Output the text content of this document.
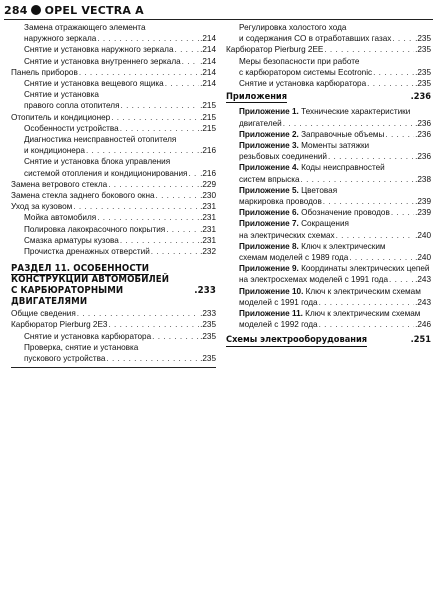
284 OPEL VECTRA A
Замена отражающего элемента
наружного зеркала . . .	.214
Снятие и установка наружного зеркала . . .	.214
Снятие и установка внутреннего зеркала . . . .214
Панель приборов . . .	.214
Снятие и установка вещевого ящика . . .	.214
Снятие и установка
правого сопла отопителя . . .	.215
Отопитель и кондиционер . . .	.215
Особенности устройства . . .	.215
Диагностика неисправностей отопителя
и кондиционера . . .	.216
Снятие и установка блока управления
системой отопления и кондиционирования . . . .216
Замена ветрового стекла . . .	.229
Замена стекла заднего бокового окна . . .	.230
Уход за кузовом . . .	.231
Мойка автомобиля . . .	.231
Полировка лакокрасочного покрытия . . .	.231
Смазка арматуры кузова . . .	.231
Прочистка дренажных отверстий . . .	.232
РАЗДЕЛ 11. ОСОБЕННОСТИ КОНСТРУКЦИИ АВТОМОБИЛЕЙ
С КАРБЮРАТОРНЫМИ ДВИГАТЕЛЯМИ
.233
Общие сведения . . .	.233
Карбюратор Pierburg 2E3 . . .	.235
Снятие и установка карбюратора . . .	.235
Проверка, снятие и установка
пускового устройства . . .	.235
Регулировка холостого хода
и содержания CO в отработавших газах . . .	.235
Карбюратор Pierburg 2EE . . .	.235
Меры безопасности при работе
с карбюратором системы Ecotronic . . .	.235
Снятие и установка карбюратора . . .	.235
Приложения	.236
Приложение 1. Технические характеристики
двигателей . . .	.236
Приложение 2. Заправочные объемы . . .	.236
Приложение 3. Моменты затяжки
резьбовых соединений . . .	.236
Приложение 4. Коды неисправностей
систем впрыска . . .	.238
Приложение 5. Цветовая
маркировка проводов . . .	.239
Приложение 6. Обозначение проводов . . .	.239
Приложение 7. Сокращения
на электрических схемах . . .	.240
Приложение 8. Ключ к электрическим
схемам моделей с 1989 года . . .	.240
Приложение 9. Координаты электрических цепей
на электросхемах моделей с 1991 года . . .	.243
Приложение 10. Ключ к электрическим схемам
моделей с 1991 года . . .	.243
Приложение 11. Ключ к электрическим схемам
моделей с 1992 года . . .	.246
Схемы электрооборудования	.251
